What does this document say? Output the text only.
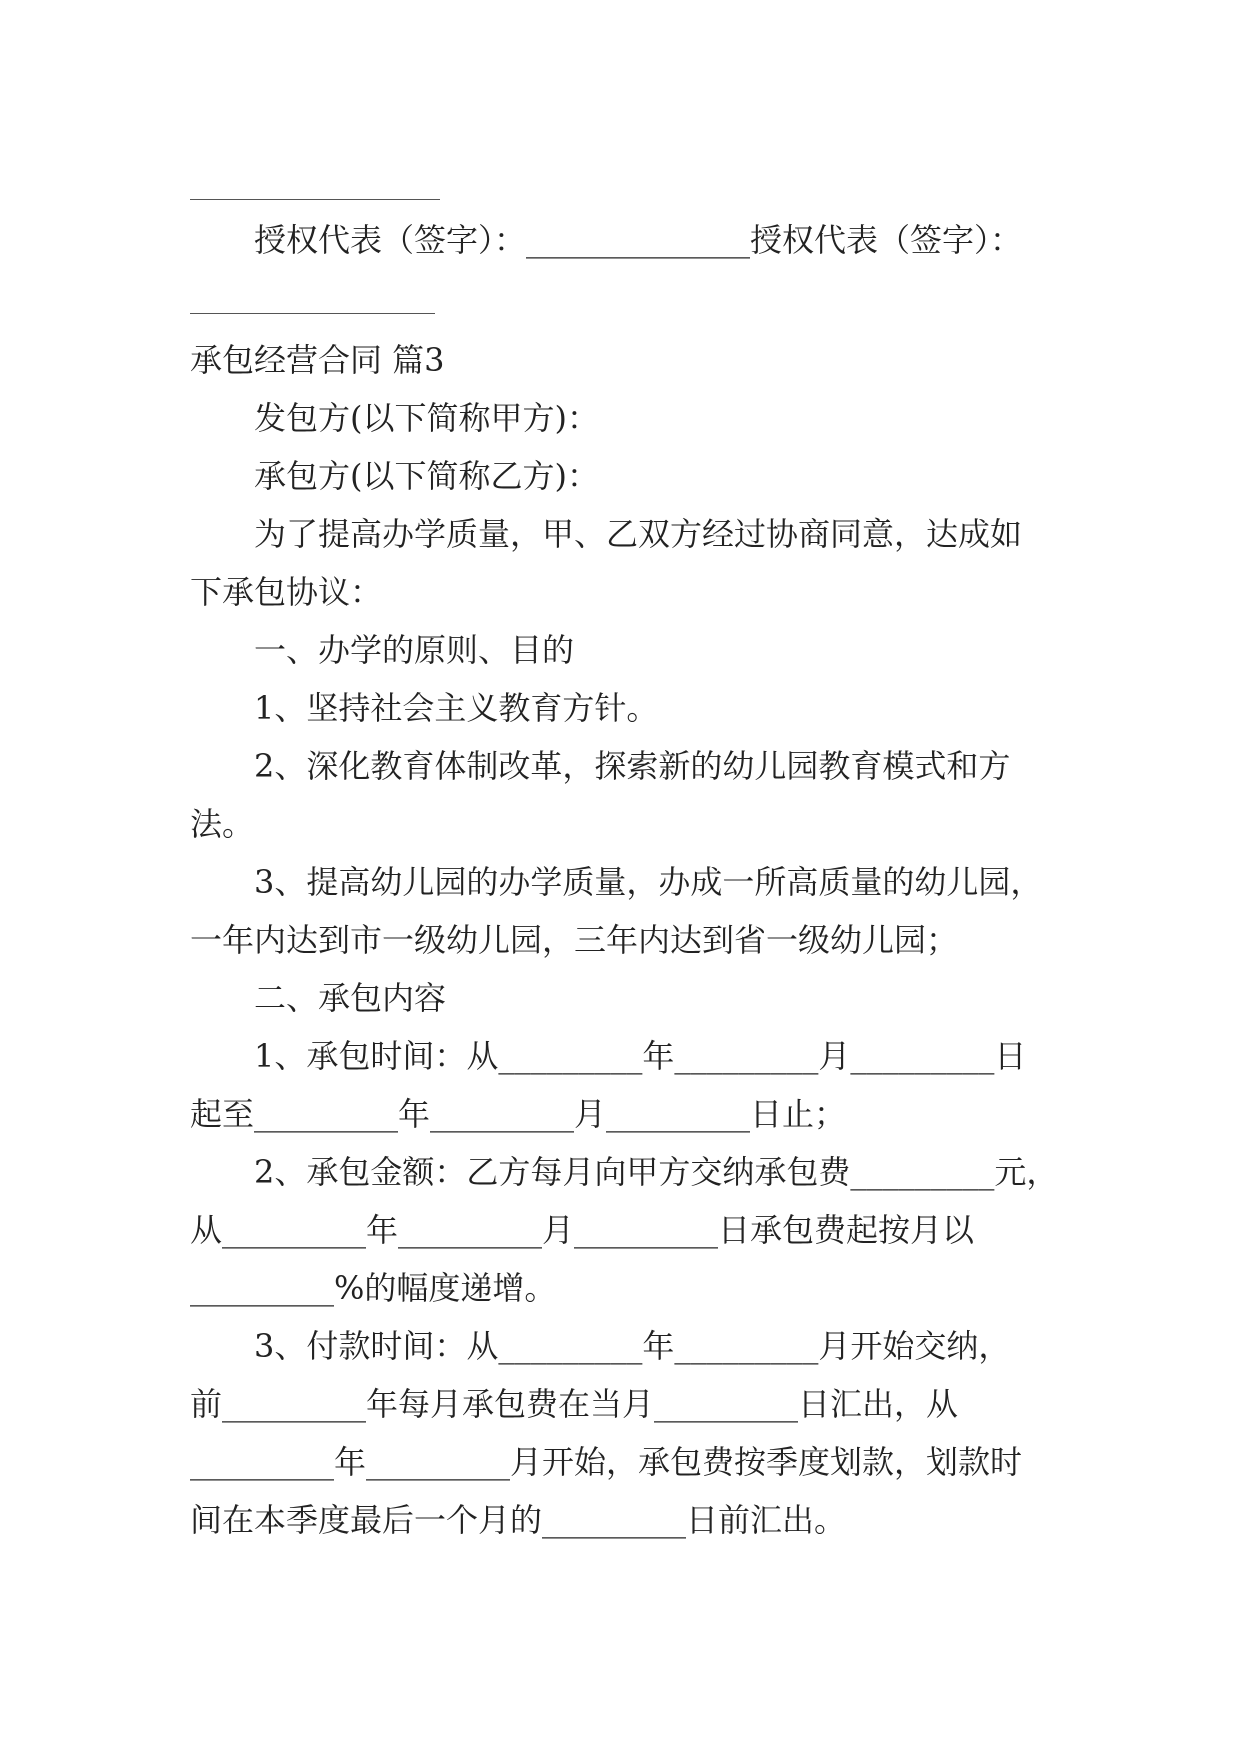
授权代表（签字）：______________授权代表（签字）：
承包经营合同 篇3
发包方(以下简称甲方)：
承包方(以下简称乙方)：
为了提高办学质量，甲、乙双方经过协商同意，达成如
下承包协议：
一、办学的原则、目的
1、坚持社会主义教育方针。
2、深化教育体制改革，探索新的幼儿园教育模式和方
法。
3、提高幼儿园的办学质量，办成一所高质量的幼儿园，
一年内达到市一级幼儿园，三年内达到省一级幼儿园；
二、承包内容
1、承包时间：从_________年_________月_________日
起至_________年_________月_________日止；
2、承包金额：乙方每月向甲方交纳承包费_________元，
从_________年_________月_________日承包费起按月以
_________%的幅度递增。
3、付款时间：从_________年_________月开始交纳，
前_________年每月承包费在当月_________日汇出，从
_________年_________月开始，承包费按季度划款，划款时
间在本季度最后一个月的_________日前汇出。
